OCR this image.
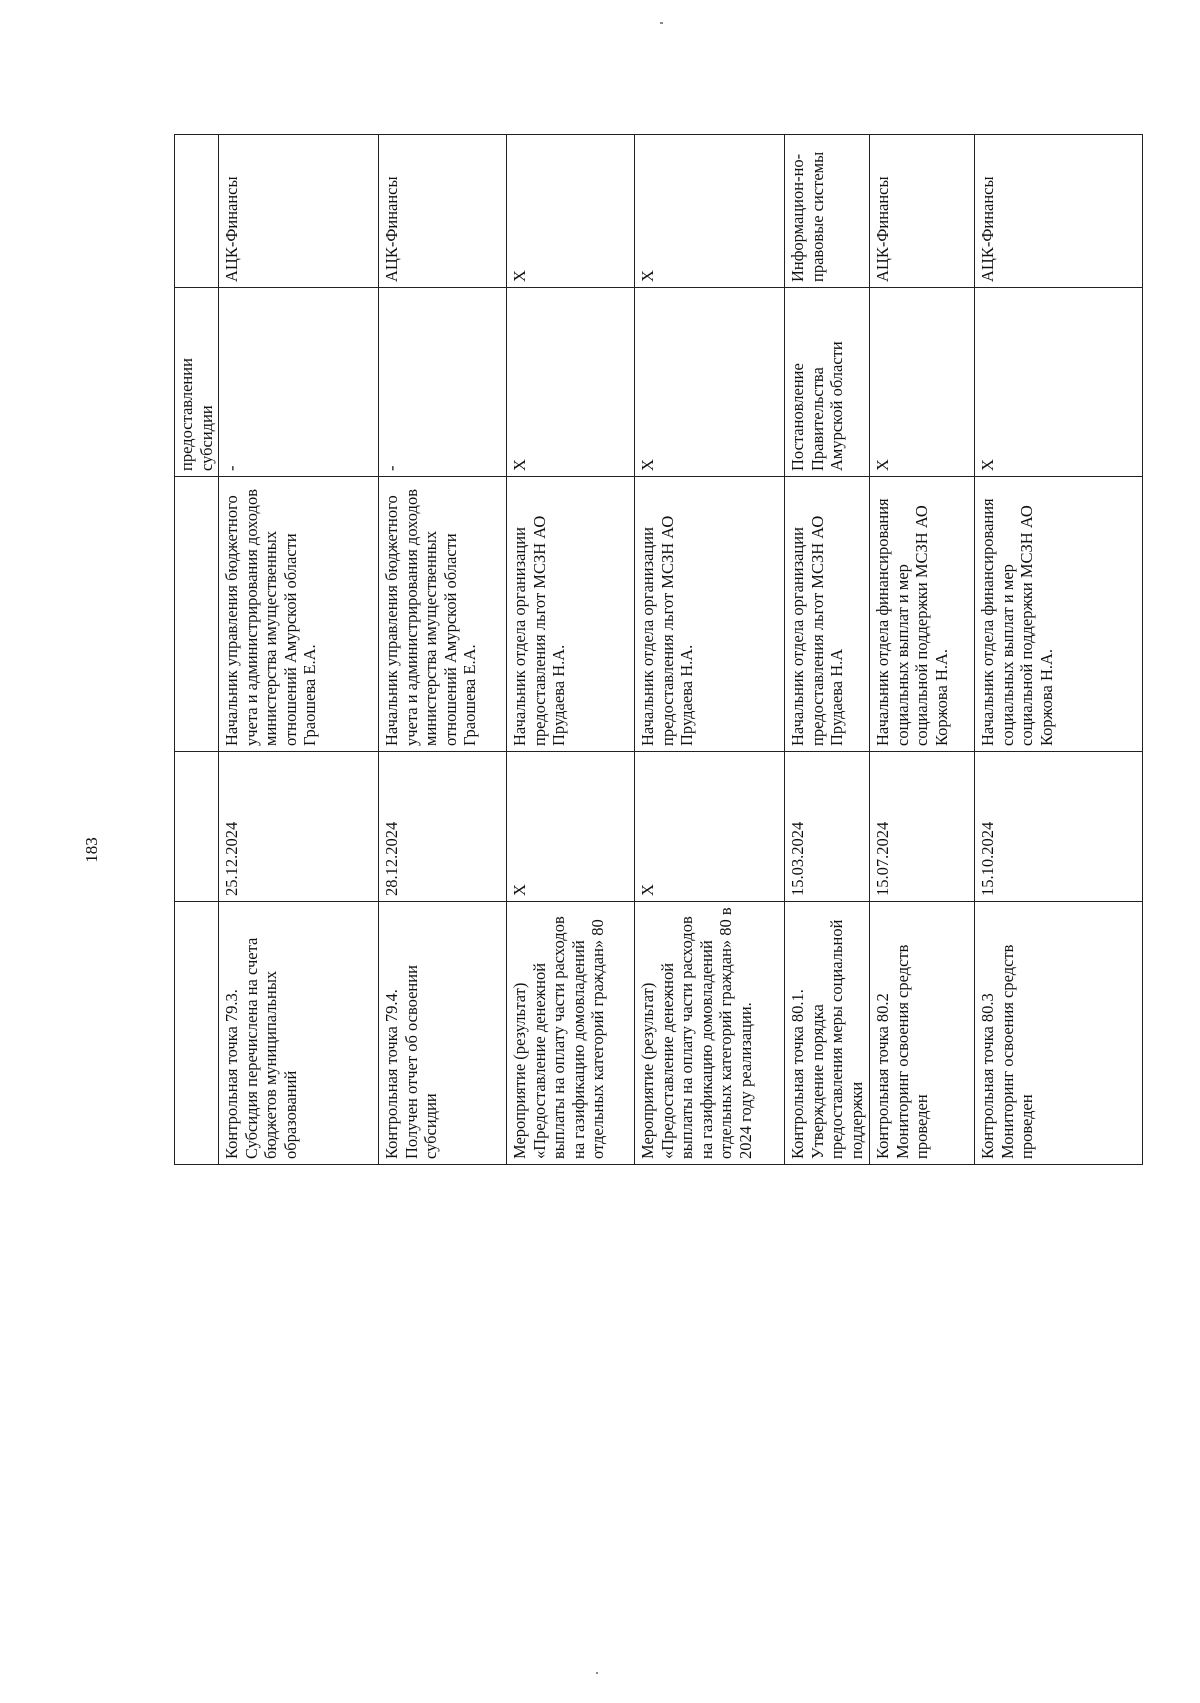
183
			предоставлении субсидии	
Контрольная точка 79.3.
Субсидия перечислена на счета бюджетов муниципальных образований	25.12.2024	Начальник управления бюджетного учета и администрирования доходов министерства имущественных отношений Амурской области Граошева Е.А.	-	АЦК-Финансы
Контрольная точка 79.4.
Получен отчет об освоении субсидии	28.12.2024	Начальник управления бюджетного учета и администрирования доходов министерства имущественных отношений Амурской области Граошева Е.А.	-	АЦК-Финансы
Мероприятие (результат) «Предоставление денежной выплаты на оплату части расходов на газификацию домовладений отдельных категорий граждан» 80	X	Начальник отдела организации предоставления льгот МСЗН АО Прудаева Н.А.	X	X
Мероприятие (результат) «Предоставление денежной выплаты на оплату части расходов на газификацию домовладений отдельных категорий граждан» 80 в 2024 году реализации.	X	Начальник отдела организации предоставления льгот МСЗН АО Прудаева Н.А.	X	X
Контрольная точка 80.1. Утверждение порядка предоставления меры социальной поддержки	15.03.2024	Начальник отдела организации предоставления льгот МСЗН АО Прудаева Н.А	Постановление Правительства Амурской области	Информацион-но-правовые системы
Контрольная точка 80.2 Мониторинг освоения средств проведен	15.07.2024	Начальник отдела финансирования социальных выплат и мер социальной поддержки МСЗН АО Коржова Н.А.	X	АЦК-Финансы
Контрольная точка 80.3 Мониторинг освоения средств проведен	15.10.2024	Начальник отдела финансирования социальных выплат и мер социальной поддержки МСЗН АО Коржова Н.А.	X	АЦК-Финансы
